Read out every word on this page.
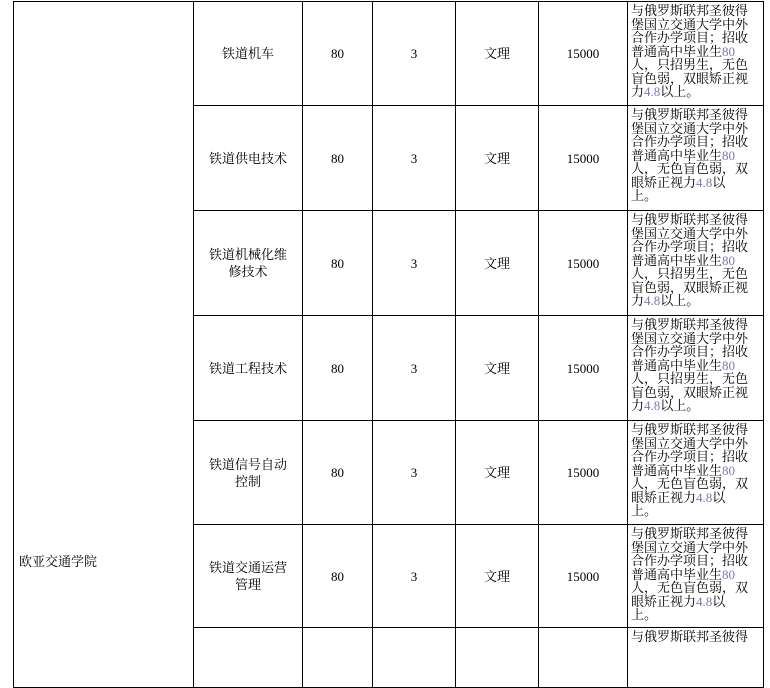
	铁道机车	80	3	文理	15000	与俄罗斯联邦圣彼得堡国立交通大学中外合作办学项目；招收普通高中毕业生80人，只招男生，无色盲色弱，双眼矫正视力4.8以上。
	铁道供电技术	80	3	文理	15000	与俄罗斯联邦圣彼得堡国立交通大学中外合作办学项目；招收普通高中毕业生80人，无色盲色弱，双眼矫正视力4.8以上。
	铁道机械化维修技术	80	3	文理	15000	与俄罗斯联邦圣彼得堡国立交通大学中外合作办学项目；招收普通高中毕业生80人，只招男生，无色盲色弱，双眼矫正视力4.8以上。
	铁道工程技术	80	3	文理	15000	与俄罗斯联邦圣彼得堡国立交通大学中外合作办学项目；招收普通高中毕业生80人，只招男生，无色盲色弱，双眼矫正视力4.8以上。
	铁道信号自动控制	80	3	文理	15000	与俄罗斯联邦圣彼得堡国立交通大学中外合作办学项目；招收普通高中毕业生80人，无色盲色弱，双眼矫正视力4.8以上。
	铁道交通运营管理	80	3	文理	15000	与俄罗斯联邦圣彼得堡国立交通大学中外合作办学项目；招收普通高中毕业生80人，无色盲色弱，双眼矫正视力4.8以上。
						与俄罗斯联邦圣彼得
欧亚交通学院
